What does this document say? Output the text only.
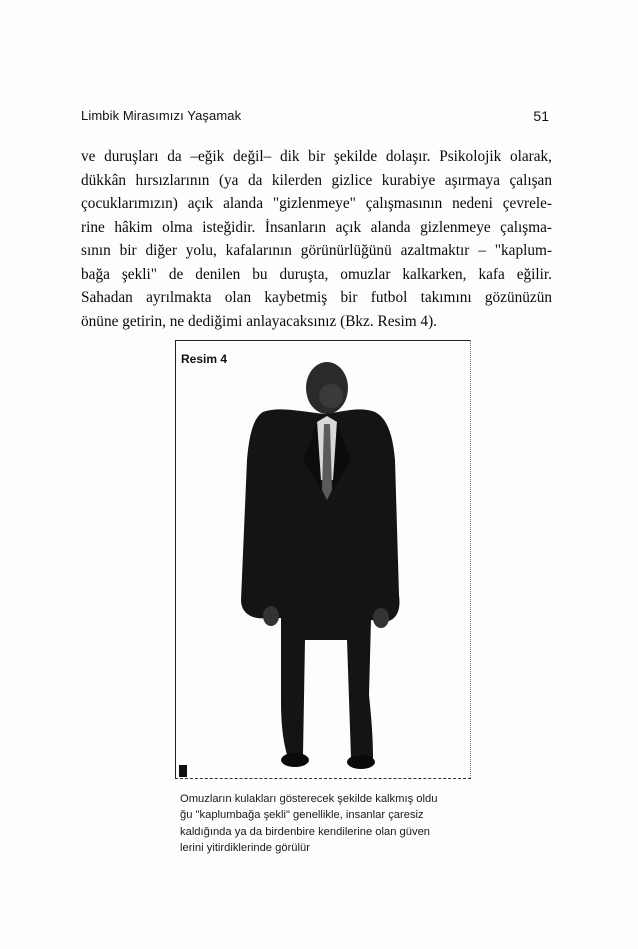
Limbik Mirasımızı Yaşamak	51
ve duruşları da –eğik değil– dik bir şekilde dolaşır. Psikolojik olarak,
dükkân hırsızlarının (ya da kilerden gizlice kurabiye aşırmaya çalışan
çocuklarımızın) açık alanda "gizlenmeye" çalışmasının nedeni çevrele-
rine hâkim olma isteğidir. İnsanların açık alanda gizlenmeye çalışma-
sının bir diğer yolu, kafalarının görünürlüğünü azaltmaktır – "kaplum-
bağa şekli" de denilen bu duruşta, omuzlar kalkarken, kafa eğilir.
Sahadan ayrılmakta olan kaybetmiş bir futbol takımını gözünüzün
önüne getirin, ne dediğimi anlayacaksınız (Bkz. Resim 4).
Resim 4
Omuzların kulakları gösterecek şekilde kalkmış oldu
ğu "kaplumbağa şekli" genellikle, insanlar çaresiz
kaldığında ya da birdenbire kendilerine olan güven
lerini yitirdiklerinde görülür
